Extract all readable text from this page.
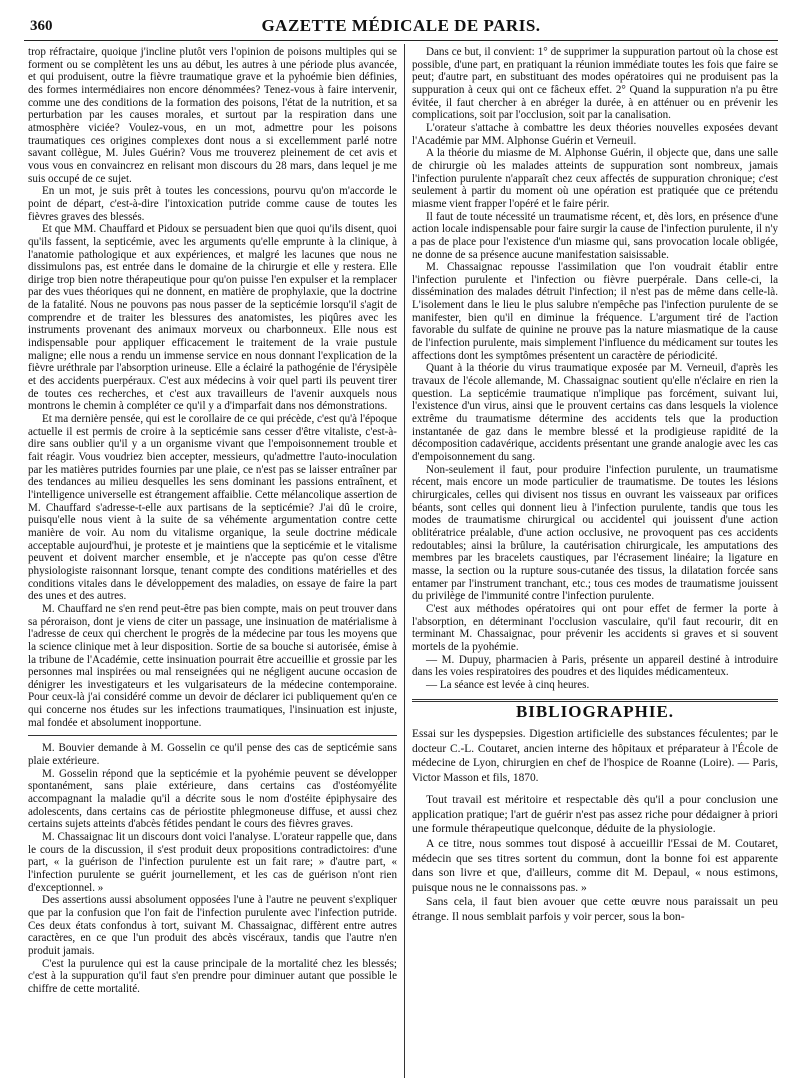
360	GAZETTE MÉDICALE DE PARIS.

trop réfractaire, quoique j'incline plutôt vers l'opinion de poisons multiples qui se forment ou se complètent les uns au début, les autres à une période plus avancée, et qui produisent, outre la fièvre traumatique grave et la pyhoémie bien définies, des formes intermédiaires non encore dénommées? Tenez-vous à faire intervenir, comme une des conditions de la formation des poisons, l'état de la nutrition, et sa perturbation par les causes morales, et surtout par la respiration dans une atmosphère viciée? Voulez-vous, en un mot, admettre pour les poisons traumatiques ces origines complexes dont nous a si excellemment parlé notre savant collègue, M. Jules Guérin? Vous me trouverez pleinement de cet avis et vous vous en convaincrez en relisant mon discours du 28 mars, dans lequel je me suis occupé de ce sujet.

En un mot, je suis prêt à toutes les concessions, pourvu qu'on m'accorde le point de départ, c'est-à-dire l'intoxication putride comme cause de toutes les fièvres graves des blessés.

Et que MM. Chauffard et Pidoux se persuadent bien que quoi qu'ils disent, quoi qu'ils fassent, la septicémie, avec les arguments qu'elle emprunte à la clinique, à l'anatomie pathologique et aux expériences, et malgré les lacunes que nous ne dissimulons pas, est entrée dans le domaine de la chirurgie et elle y restera. Elle dirige trop bien notre thérapeutique pour qu'on puisse l'en expulser et la remplacer par des vues théoriques qui ne donnent, en matière de prophylaxie, que la doctrine de la fatalité. Nous ne pouvons pas nous passer de la septicémie lorsqu'il s'agit de comprendre et de traiter les blessures des anatomistes, les piqûres avec les instruments provenant des animaux morveux ou charbonneux. Elle nous est indispensable pour appliquer efficacement le traitement de la vraie pustule maligne; elle nous a rendu un immense service en nous donnant l'explication de la fièvre uréthrale par l'absorption urineuse. Elle a éclairé la pathogénie de l'érysipèle et des accidents puerpéraux. C'est aux médecins à voir quel parti ils peuvent tirer de toutes ces recherches, et c'est aux travailleurs de l'avenir auxquels nous montrons le chemin à compléter ce qu'il y a d'imparfait dans nos démonstrations.

Et ma dernière pensée, qui est le corollaire de ce qui précède, c'est qu'à l'époque actuelle il est permis de croire à la septicémie sans cesser d'être vitaliste, c'est-à-dire sans oublier qu'il y a un organisme vivant que l'empoisonnement trouble et fait réagir. Vous voudriez bien accepter, messieurs, qu'admettre l'auto-inoculation par les matières putrides fournies par une plaie, ce n'est pas se laisser entraîner par des tendances au milieu desquelles les sens dominant les passions entraînent, et l'intelligence universelle est étrangement affaiblie. Cette mélancolique assertion de M. Chauffard s'adresse-t-elle aux partisans de la septicémie? J'ai dû le croire, puisqu'elle nous vient à la suite de sa véhémente argumentation contre cette manière de voir. Au nom du vitalisme organique, la seule doctrine médicale acceptable aujourd'hui, je proteste et je maintiens que la septicémie et le vitalisme peuvent et doivent marcher ensemble, et je n'accepte pas qu'on cesse d'être physiologiste raisonnant lorsque, tenant compte des conditions matérielles et des conditions vitales dans le développement des maladies, on essaye de faire la part des unes et des autres.

M. Chauffard ne s'en rend peut-être pas bien compte, mais on peut trouver dans sa péroraison, dont je viens de citer un passage, une insinuation de matérialisme à l'adresse de ceux qui cherchent le progrès de la médecine par tous les moyens que la science clinique met à leur disposition. Sortie de sa bouche si autorisée, émise à la tribune de l'Académie, cette insinuation pourrait être accueillie et grossie par les personnes mal inspirées ou mal renseignées qui ne négligent aucune occasion de dénigrer les investigateurs et les vulgarisateurs de la médecine contemporaine. Pour ceux-là j'ai considéré comme un devoir de déclarer ici publiquement qu'en ce qui concerne nos études sur les infections traumatiques, l'insinuation est injuste, mal fondée et absolument inopportune.

M. Bouvier demande à M. Gosselin ce qu'il pense des cas de septicémie sans plaie extérieure.

M. Gosselin répond que la septicémie et la pyohémie peuvent se développer spontanément, sans plaie extérieure, dans certains cas d'ostéomyélite accompagnant la maladie qu'il a décrite sous le nom d'ostéite épiphysaire des adolescents, dans certains cas de périostite phlegmoneuse diffuse, et aussi chez certains sujets atteints d'abcès fétides pendant le cours des fièvres graves.

M. Chassaignac lit un discours dont voici l'analyse. L'orateur rappelle que, dans le cours de la discussion, il s'est produit deux propositions contradictoires: d'une part, « la guérison de l'infection purulente est un fait rare; » d'autre part, « l'infection purulente se guérit journellement, et les cas de guérison n'ont rien d'exceptionnel. »

Des assertions aussi absolument opposées l'une à l'autre ne peuvent s'expliquer que par la confusion que l'on fait de l'infection purulente avec l'infection putride. Ces deux états confondus à tort, suivant M. Chassaignac, diffèrent entre autres caractères, en ce que l'un produit des abcès viscéraux, tandis que l'autre n'en produit jamais.

C'est la purulence qui est la cause principale de la mortalité chez les blessés; c'est à la suppuration qu'il faut s'en prendre pour diminuer autant que possible le chiffre de cette mortalité.

Dans ce but, il convient: 1° de supprimer la suppuration partout où la chose est possible, d'une part, en pratiquant la réunion immédiate toutes les fois que faire se peut; d'autre part, en substituant des modes opératoires qui ne produisent pas la suppuration à ceux qui ont ce fâcheux effet. 2° Quand la suppuration n'a pu être évitée, il faut chercher à en abréger la durée, à en atténuer ou en prévenir les complications, soit par l'occlusion, soit par la canalisation.

L'orateur s'attache à combattre les deux théories nouvelles exposées devant l'Académie par MM. Alphonse Guérin et Verneuil.

A la théorie du miasme de M. Alphonse Guérin, il objecte que, dans une salle de chirurgie où les malades atteints de suppuration sont nombreux, jamais l'infection purulente n'apparaît chez ceux affectés de suppuration chronique; c'est seulement à partir du moment où une opération est pratiquée que ce prétendu miasme vient frapper l'opéré et le faire périr.

Il faut de toute nécessité un traumatisme récent, et, dès lors, en présence d'une action locale indispensable pour faire surgir la cause de l'infection purulente, il n'y a pas de place pour l'existence d'un miasme qui, sans provocation locale obligée, ne donne de sa présence aucune manifestation saisissable.

M. Chassaignac repousse l'assimilation que l'on voudrait établir entre l'infection purulente et l'infection ou fièvre puerpérale. Dans celle-ci, la dissémination des malades détruit l'infection; il n'est pas de même dans celle-là. L'isolement dans le lieu le plus salubre n'empêche pas l'infection purulente de se manifester, bien qu'il en diminue la fréquence. L'argument tiré de l'action favorable du sulfate de quinine ne prouve pas la nature miasmatique de la cause de l'infection purulente, mais simplement l'influence du médicament sur toutes les affections dont les symptômes présentent un caractère de périodicité.

Quant à la théorie du virus traumatique exposée par M. Verneuil, d'après les travaux de l'école allemande, M. Chassaignac soutient qu'elle n'éclaire en rien la question. La septicémie traumatique n'implique pas forcément, suivant lui, l'existence d'un virus, ainsi que le prouvent certains cas dans lesquels la violence extrême du traumatisme détermine des accidents tels que la production instantanée de gaz dans le membre blessé et la prodigieuse rapidité de la décomposition cadavérique, accidents présentant une grande analogie avec les cas d'empoisonnement du sang.

Non-seulement il faut, pour produire l'infection purulente, un traumatisme récent, mais encore un mode particulier de traumatisme. De toutes les lésions chirurgicales, celles qui divisent nos tissus en ouvrant les vaisseaux par orifices béants, sont celles qui donnent lieu à l'infection purulente, tandis que tous les modes de traumatisme chirurgical ou accidentel qui jouissent d'une action oblitératrice préalable, d'une action occlusive, ne provoquent pas ces accidents redoutables; ainsi la brûlure, la cautérisation chirurgicale, les amputations des membres par les bracelets caustiques, par l'écrasement linéaire; la ligature en masse, la section ou la rupture sous-cutanée des tissus, la dilatation forcée sans entamer par l'instrument tranchant, etc.; tous ces modes de traumatisme jouissent du privilège de l'immunité contre l'infection purulente.

C'est aux méthodes opératoires qui ont pour effet de fermer la porte à l'absorption, en déterminant l'occlusion vasculaire, qu'il faut recourir, dit en terminant M. Chassaignac, pour prévenir les accidents si graves et si souvent mortels de la pyohémie.

— M. Dupuy, pharmacien à Paris, présente un appareil destiné à introduire dans les voies respiratoires des poudres et des liquides médicamenteux.

— La séance est levée à cinq heures.

BIBLIOGRAPHIE.

Essai sur les dyspepsies. Digestion artificielle des substances féculentes; par le docteur C.-L. Coutaret, ancien interne des hôpitaux et préparateur à l'École de médecine de Lyon, chirurgien en chef de l'hospice de Roanne (Loire). — Paris, Victor Masson et fils, 1870.

Tout travail est méritoire et respectable dès qu'il a pour conclusion une application pratique; l'art de guérir n'est pas assez riche pour dédaigner à priori une formule thérapeutique quelconque, déduite de la physiologie.

A ce titre, nous sommes tout disposé à accueillir l'Essai de M. Coutaret, médecin que ses titres sortent du commun, dont la bonne foi est apparente dans son livre et que, d'ailleurs, comme dit M. Depaul, « nous estimons, puisque nous ne le connaissons pas. »

Sans cela, il faut bien avouer que cette œuvre nous paraissait un peu étrange. Il nous semblait parfois y voir percer, sous la bon-
